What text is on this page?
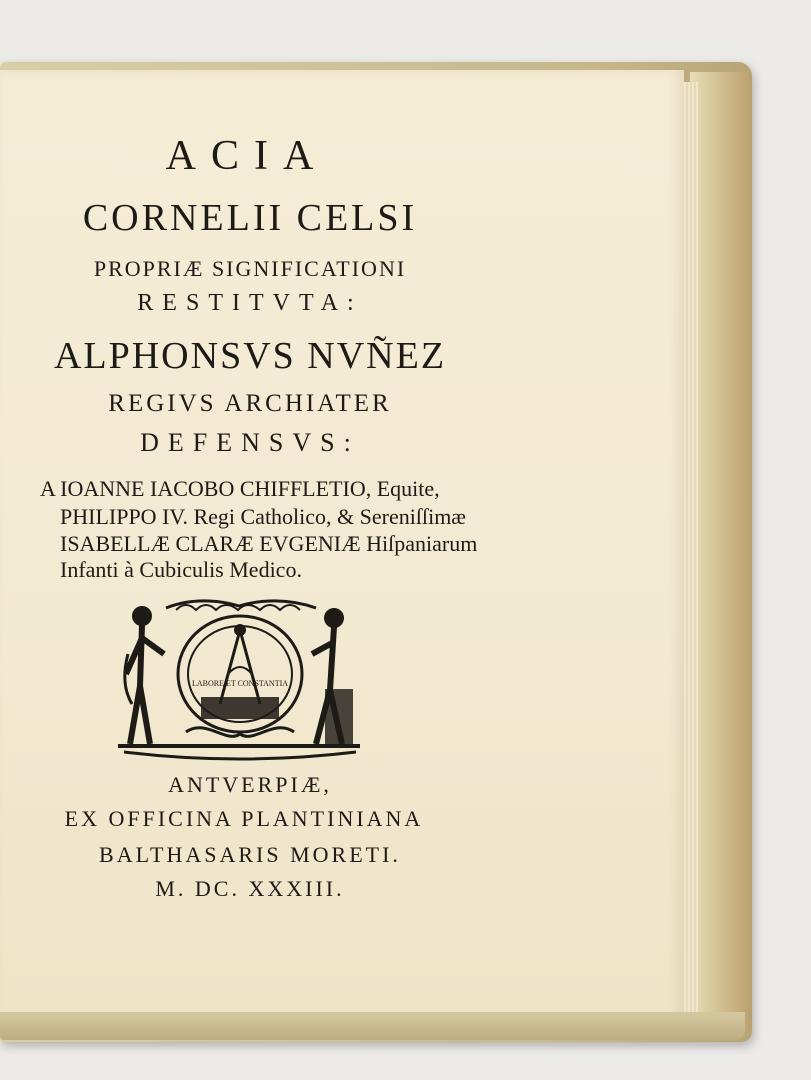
ACIA
CORNELII CELSI
PROPRIÆ SIGNIFICATIONI
RESTITVTA:
ALPHONSVS NVÑEZ
REGIVS ARCHIATER
DEFENSVS:
A IOANNE IACOBO CHIFFLETIO, Equite,
PHILIPPO IV. Regi Catholico, & Sereniſſimæ
ISABELLÆ CLARÆ EVGENIÆ Hiſpaniarum
Infanti à Cubiculis Medico.
LABORE ET CONSTANTIA
ANTVERPIÆ,
EX OFFICINA PLANTINIANA
BALTHASARIS MORETI.
M. DC. XXXIII.
